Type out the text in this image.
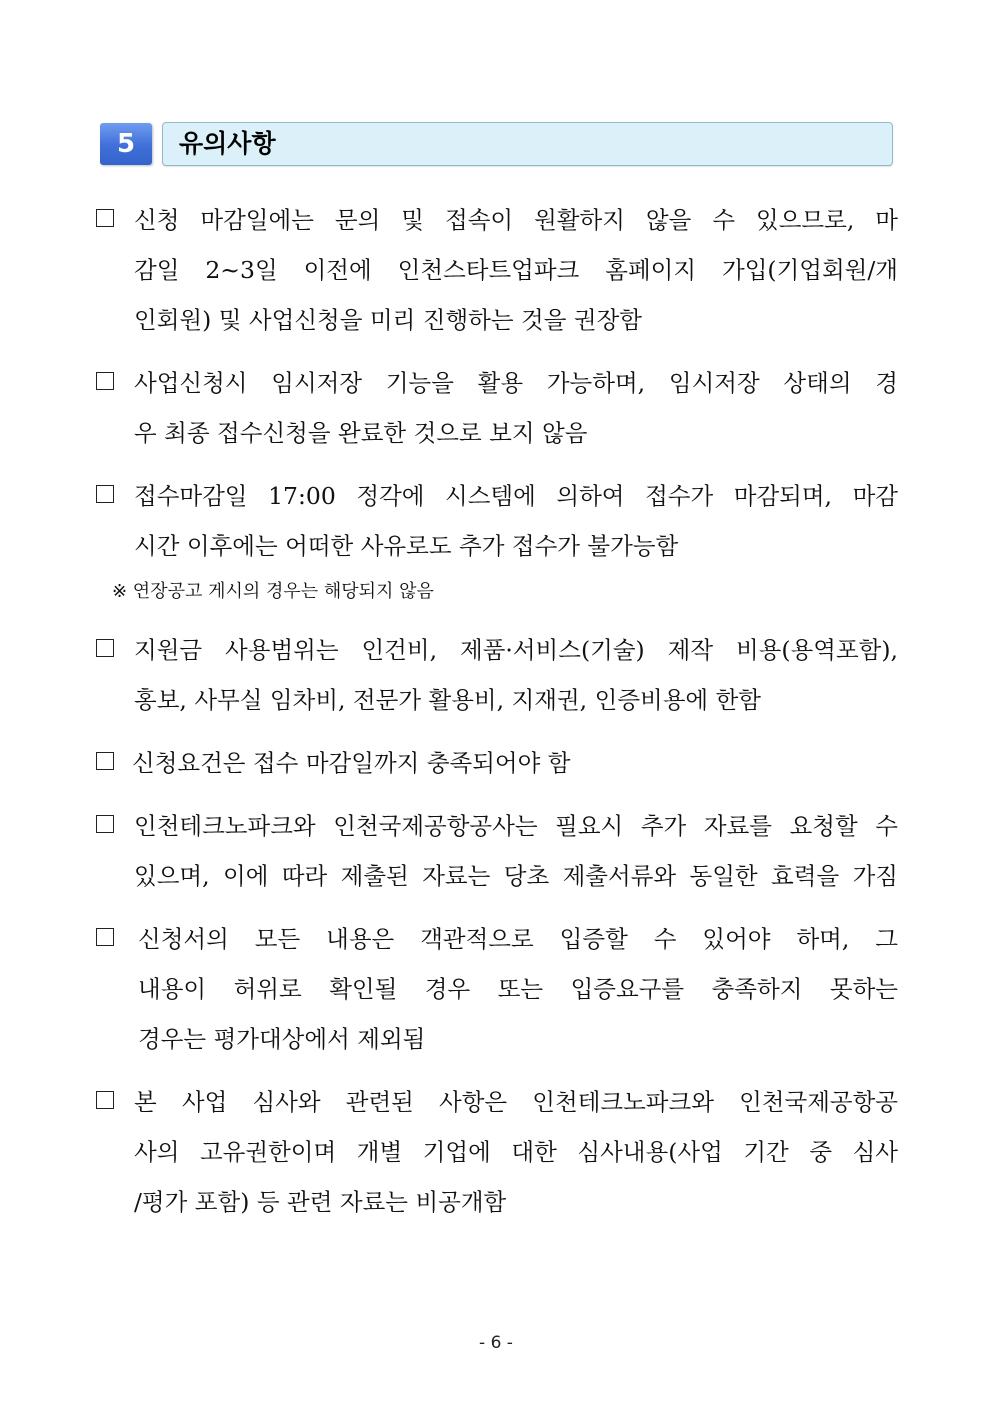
5	유의사항

신청 마감일에는 문의 및 접속이 원활하지 않을 수 있으므로, 마
감일 2~3일 이전에 인천스타트업파크 홈페이지 가입(기업회원/개
인회원) 및 사업신청을 미리 진행하는 것을 권장함

사업신청시 임시저장 기능을 활용 가능하며, 임시저장 상태의 경
우 최종 접수신청을 완료한 것으로 보지 않음

접수마감일 17:00 정각에 시스템에 의하여 접수가 마감되며, 마감
시간 이후에는 어떠한 사유로도 추가 접수가 불가능함

※ 연장공고 게시의 경우는 해당되지 않음

지원금 사용범위는 인건비, 제품·서비스(기술) 제작 비용(용역포함),
홍보, 사무실 임차비, 전문가 활용비, 지재권, 인증비용에 한함

신청요건은 접수 마감일까지 충족되어야 함

인천테크노파크와 인천국제공항공사는 필요시 추가 자료를 요청할 수
있으며, 이에 따라 제출된 자료는 당초 제출서류와 동일한 효력을 가짐

신청서의 모든 내용은 객관적으로 입증할 수 있어야 하며, 그
내용이 허위로 확인될 경우 또는 입증요구를 충족하지 못하는
경우는 평가대상에서 제외됨

본 사업 심사와 관련된 사항은 인천테크노파크와 인천국제공항공
사의 고유권한이며 개별 기업에 대한 심사내용(사업 기간 중 심사
/평가 포함) 등 관련 자료는 비공개함

- 6 -
